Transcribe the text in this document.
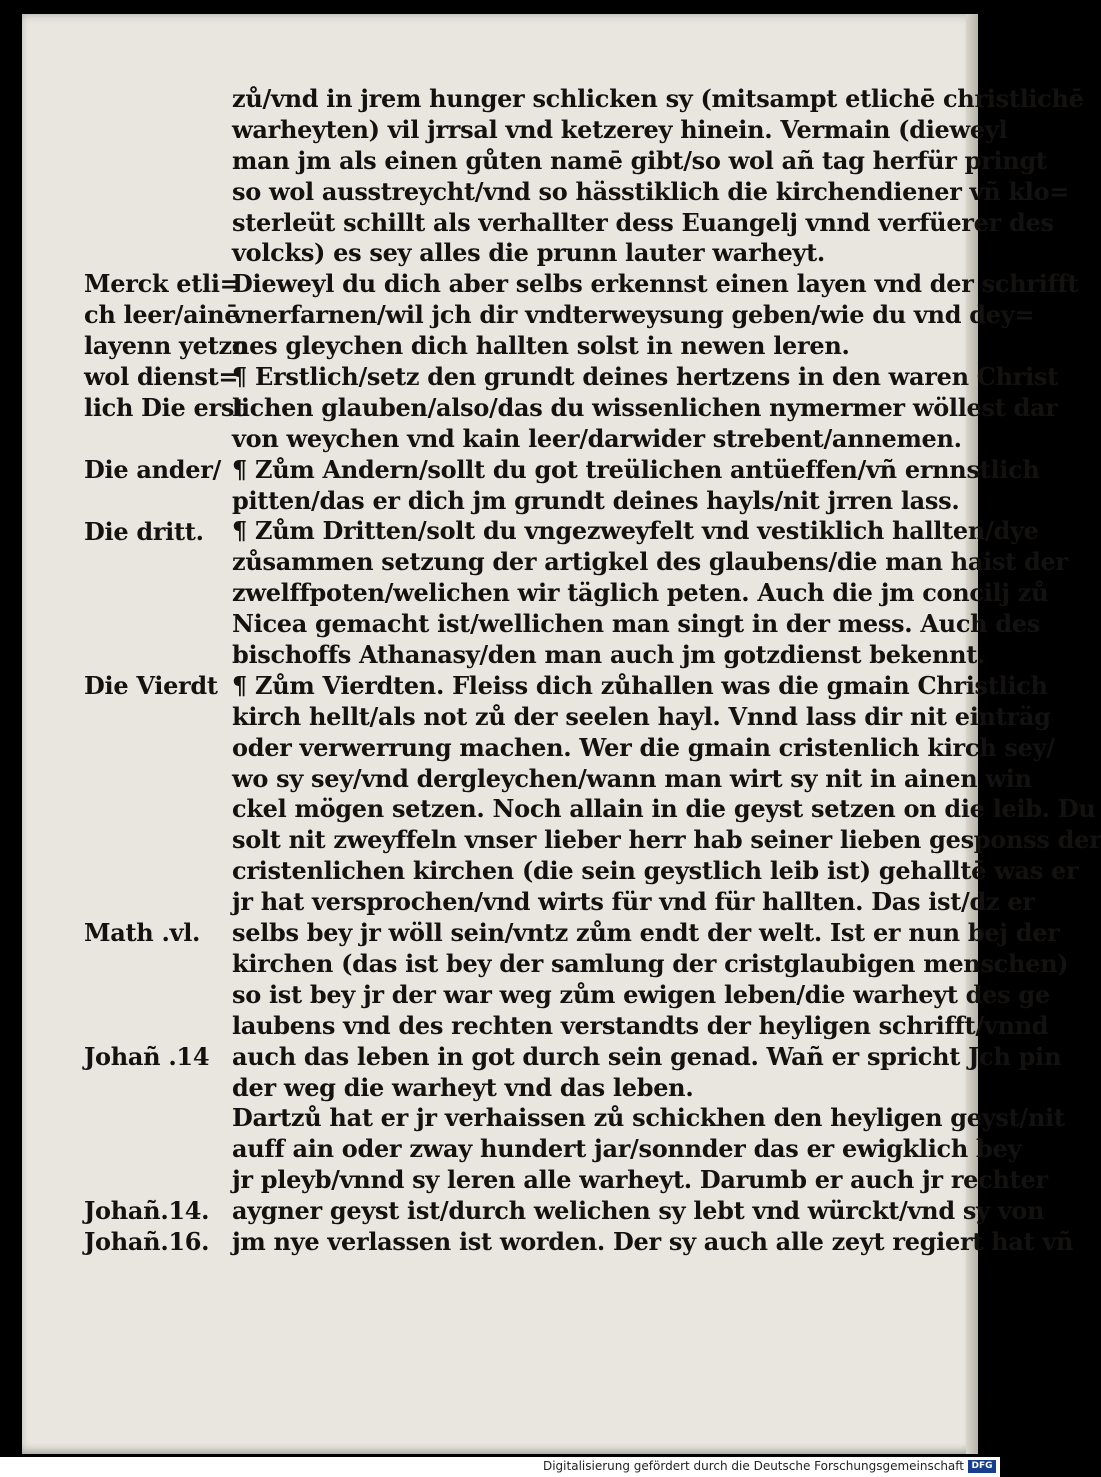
zů/vnd in jrem hunger schlicken sy (mitsampt etlichē christlichē
warheyten) vil jrrsal vnd ketzerey hinein. Vermain (dieweyl
man jm als einen gůten namē gibt/so wol añ tag herfür pringt
so wol ausstreycht/vnd so hässtiklich die kirchendiener vñ klo=
sterleüt schillt als verhallter dess Euangelj vnnd verfüerer des
volcks) es sey alles die prunn lauter warheyt.
Dieweyl du dich aber selbs erkennst einen layen vnd der schrifft
vnerfarnen/wil jch dir vndterweysung geben/wie du vnd dey=
nes gleychen dich hallten solst in newen leren.
¶ Erstlich/setz den grundt deines hertzens in den waren Christ
lichen glauben/also/das du wissenlichen nymermer wöllest dar
von weychen vnd kain leer/darwider strebent/annemen.
¶ Zům Andern/sollt du got treülichen antüeffen/vñ ernnstlich
pitten/das er dich jm grundt deines hayls/nit jrren lass.
¶ Zům Dritten/solt du vngezweyfelt vnd vestiklich hallten/dye
zůsammen setzung der artigkel des glaubens/die man haist der
zwelffpoten/welichen wir täglich peten. Auch die jm concilj zů
Nicea gemacht ist/wellichen man singt in der mess. Auch des
bischoffs Athanasy/den man auch jm gotzdienst bekennt.
¶ Zům Vierdten. Fleiss dich zůhallen was die gmain Christlich
kirch hellt/als not zů der seelen hayl. Vnnd lass dir nit einträg
oder verwerrung machen. Wer die gmain cristenlich kirch sey/
wo sy sey/vnd dergleychen/wann man wirt sy nit in ainen win
ckel mögen setzen. Noch allain in die geyst setzen on die leib. Du
solt nit zweyffeln vnser lieber herr hab seiner lieben gesponss der
cristenlichen kirchen (die sein geystlich leib ist) gehalltē was er
jr hat versprochen/vnd wirts für vnd für hallten. Das ist/dz er
selbs bey jr wöll sein/vntz zům endt der welt. Ist er nun bej der
kirchen (das ist bey der samlung der cristglaubigen menschen)
so ist bey jr der war weg zům ewigen leben/die warheyt des ge
laubens vnd des rechten verstandts der heyligen schrifft/vnnd
auch das leben in got durch sein genad. Wañ er spricht Jch pin
der weg die warheyt vnd das leben.
Dartzů hat er jr verhaissen zů schickhen den heyligen geyst/nit
auff ain oder zway hundert jar/sonnder das er ewigklich bey
jr pleyb/vnnd sy leren alle warheyt. Darumb er auch jr rechter
aygner geyst ist/durch welichen sy lebt vnd würckt/vnd sy von
jm nye verlassen ist worden. Der sy auch alle zeyt regiert hat vñ
Merck etli=
ch leer/ainē
layenn yetzo
wol dienst=
lich Die erst
Die ander/
Die dritt.
Die Vierdt
Math .vl.
Johañ .14
Johañ.14.
Johañ.16.
Digitalisierung gefördert durch die Deutsche Forschungsgemeinschaft DFG
